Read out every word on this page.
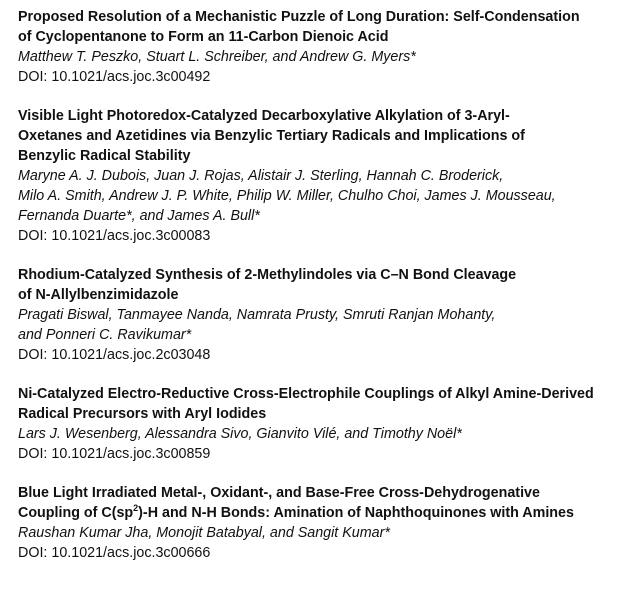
Proposed Resolution of a Mechanistic Puzzle of Long Duration: Self-Condensation
of Cyclopentanone to Form an 11-Carbon Dienoic Acid

Matthew T. Peszko, Stuart L. Schreiber, and Andrew G. Myers*

DOI: 10.1021/acs.joc.3c00492

Visible Light Photoredox-Catalyzed Decarboxylative Alkylation of 3-Aryl-
Oxetanes and Azetidines via Benzylic Tertiary Radicals and Implications of
Benzylic Radical Stability

Maryne A. J. Dubois, Juan J. Rojas, Alistair J. Sterling, Hannah C. Broderick,
Milo A. Smith, Andrew J. P. White, Philip W. Miller, Chulho Choi, James J. Mousseau,
Fernanda Duarte*, and James A. Bull*

DOI: 10.1021/acs.joc.3c00083

Rhodium-Catalyzed Synthesis of 2-Methylindoles via C–N Bond Cleavage
of N-Allylbenzimidazole

Pragati Biswal, Tanmayee Nanda, Namrata Prusty, Smruti Ranjan Mohanty,
and Ponneri C. Ravikumar*

DOI: 10.1021/acs.joc.2c03048

Ni-Catalyzed Electro-Reductive Cross-Electrophile Couplings of Alkyl Amine-Derived
Radical Precursors with Aryl Iodides

Lars J. Wesenberg, Alessandra Sivo, Gianvito Vilé, and Timothy Noël*

DOI: 10.1021/acs.joc.3c00859

Blue Light Irradiated Metal-, Oxidant-, and Base-Free Cross-Dehydrogenative
Coupling of $C(sp^2)-H$ and N-H Bonds: Amination of Naphthoquinones with Amines

Raushan Kumar Jha, Monojit Batabyal, and Sangit Kumar*

DOI: 10.1021/acs.joc.3c00666
